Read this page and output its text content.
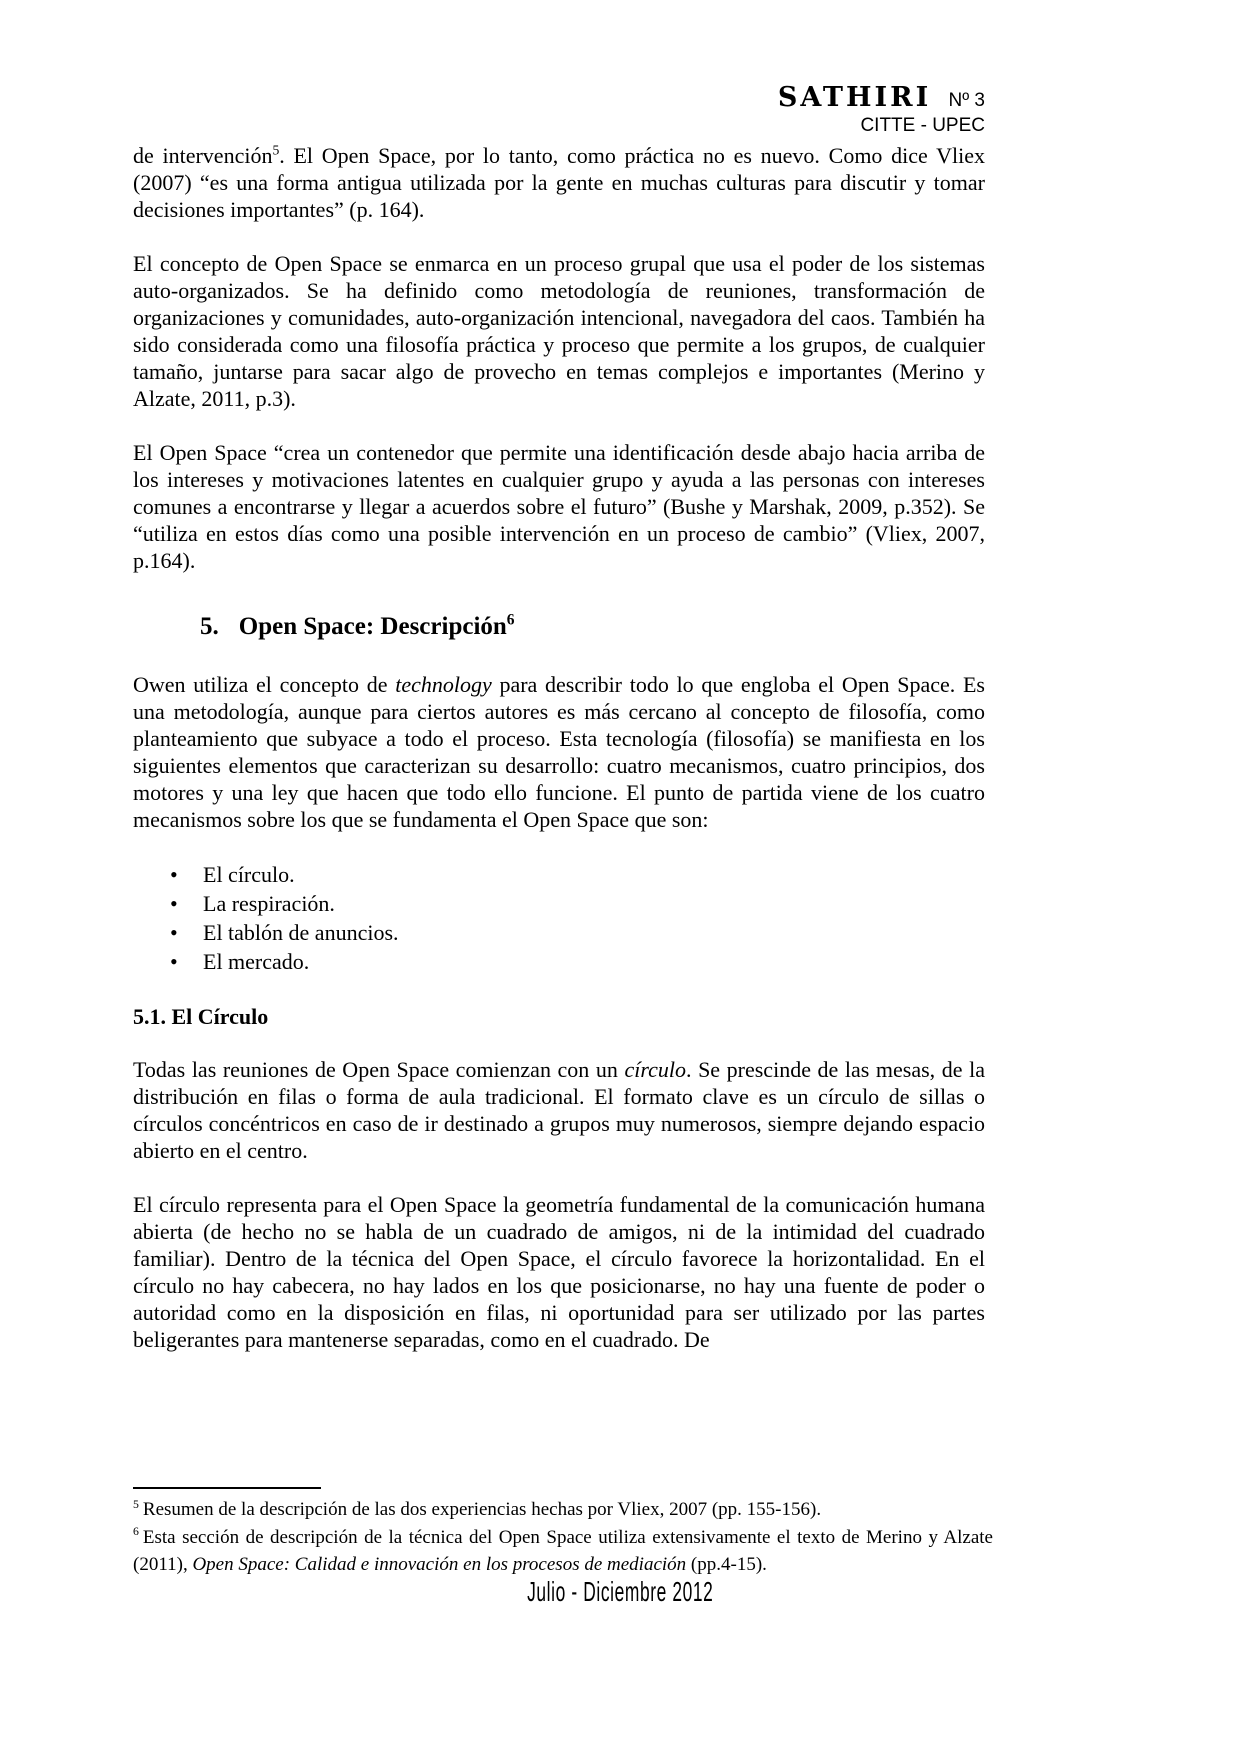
SATHIRI Nº 3
CITTE - UPEC

de intervención$^5$. El Open Space, por lo tanto, como práctica no es nuevo. Como dice Vliex (2007) “es una forma antigua utilizada por la gente en muchas culturas para discutir y tomar decisiones importantes” (p. 164).

El concepto de Open Space se enmarca en un proceso grupal que usa el poder de los sistemas auto-organizados. Se ha definido como metodología de reuniones, transformación de organizaciones y comunidades, auto-organización intencional, navegadora del caos. También ha sido considerada como una filosofía práctica y proceso que permite a los grupos, de cualquier tamaño, juntarse para sacar algo de provecho en temas complejos e importantes (Merino y Alzate, 2011, p.3).

El Open Space “crea un contenedor que permite una identificación desde abajo hacia arriba de los intereses y motivaciones latentes en cualquier grupo y ayuda a las personas con intereses comunes a encontrarse y llegar a acuerdos sobre el futuro” (Bushe y Marshak, 2009, p.352). Se “utiliza en estos días como una posible intervención en un proceso de cambio” (Vliex, 2007, p.164).

5. Open Space: Descripción$^6$

Owen utiliza el concepto de technology para describir todo lo que engloba el Open Space. Es una metodología, aunque para ciertos autores es más cercano al concepto de filosofía, como planteamiento que subyace a todo el proceso. Esta tecnología (filosofía) se manifiesta en los siguientes elementos que caracterizan su desarrollo: cuatro mecanismos, cuatro principios, dos motores y una ley que hacen que todo ello funcione. El punto de partida viene de los cuatro mecanismos sobre los que se fundamenta el Open Space que son:

• El círculo.
• La respiración.
• El tablón de anuncios.
• El mercado.
5.1. El Círculo

Todas las reuniones de Open Space comienzan con un círculo. Se prescinde de las mesas, de la distribución en filas o forma de aula tradicional. El formato clave es un círculo de sillas o círculos concéntricos en caso de ir destinado a grupos muy numerosos, siempre dejando espacio abierto en el centro.

El círculo representa para el Open Space la geometría fundamental de la comunicación humana abierta (de hecho no se habla de un cuadrado de amigos, ni de la intimidad del cuadrado familiar). Dentro de la técnica del Open Space, el círculo favorece la horizontalidad. En el círculo no hay cabecera, no hay lados en los que posicionarse, no hay una fuente de poder o autoridad como en la disposición en filas, ni oportunidad para ser utilizado por las partes beligerantes para mantenerse separadas, como en el cuadrado. De

$^5$ Resumen de la descripción de las dos experiencias hechas por Vliex, 2007 (pp. 155-156).

$^6$ Esta sección de descripción de la técnica del Open Space utiliza extensivamente el texto de Merino y Alzate (2011), Open Space: Calidad e innovación en los procesos de mediación (pp.4-15).

Julio - Diciembre 2012
